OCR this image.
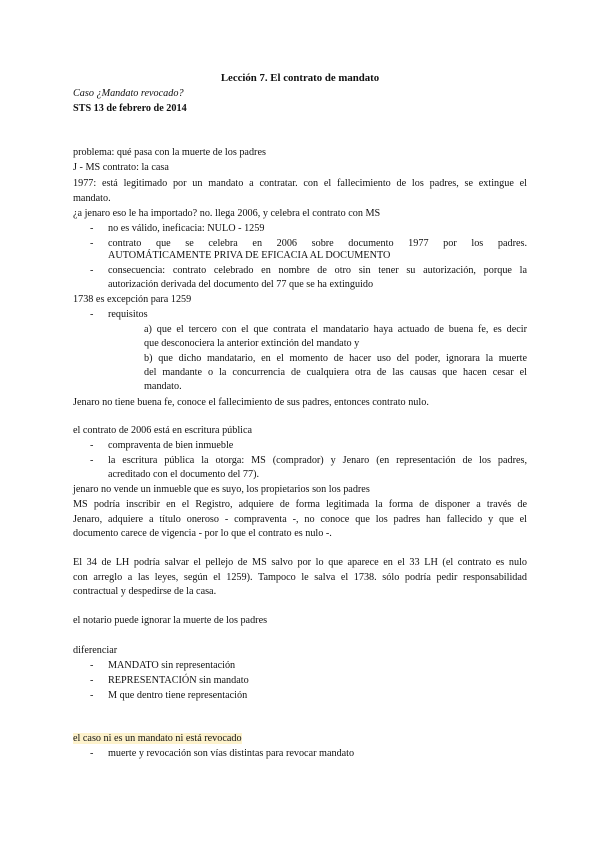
Lección 7. El contrato de mandato
Caso ¿Mandato revocado?
STS 13 de febrero de 2014
problema: qué pasa con la muerte de los padres
J - MS contrato: la casa
1977: está legitimado por un mandato a contratar. con el fallecimiento de los padres, se extingue el
mandato.
¿a jenaro eso le ha importado? no. llega 2006, y celebra el contrato con MS
- no es válido, ineficacia: NULO - 1259
- contrato que se celebra en 2006 sobre documento 1977 por los padres.
AUTOMÁTICAMENTE PRIVA DE EFICACIA AL DOCUMENTO
- consecuencia: contrato celebrado en nombre de otro sin tener su autorización, porque la
autorización derivada del documento del 77 que se ha extinguido
1738 es excepción para 1259
- requisitos
a) que el tercero con el que contrata el mandatario haya actuado de buena fe, es decir
que desconociera la anterior extinción del mandato y
b) que dicho mandatario, en el momento de hacer uso del poder, ignorara la muerte
del mandante o la concurrencia de cualquiera otra de las causas que hacen cesar el
mandato.
Jenaro no tiene buena fe, conoce el fallecimiento de sus padres, entonces contrato nulo.
el contrato de 2006 está en escritura pública
- compraventa de bien inmueble
- la escritura pública la otorga: MS (comprador) y Jenaro (en representación de los padres,
acreditado con el documento del 77).
jenaro no vende un inmueble que es suyo, los propietarios son los padres
MS podría inscribir en el Registro, adquiere de forma legitimada la forma de disponer a través de
Jenaro, adquiere a título oneroso - compraventa -, no conoce que los padres han fallecido y que el
documento carece de vigencia - por lo que el contrato es nulo -.
El 34 de LH podría salvar el pellejo de MS salvo por lo que aparece en el 33 LH (el contrato es nulo
con arreglo a las leyes, según el 1259). Tampoco le salva el 1738. sólo podría pedir responsabilidad
contractual y despedirse de la casa.
el notario puede ignorar la muerte de los padres
diferenciar
- MANDATO sin representación
- REPRESENTACIÓN sin mandato
- M que dentro tiene representación
el caso ni es un mandato ni está revocado
- muerte y revocación son vías distintas para revocar mandato
